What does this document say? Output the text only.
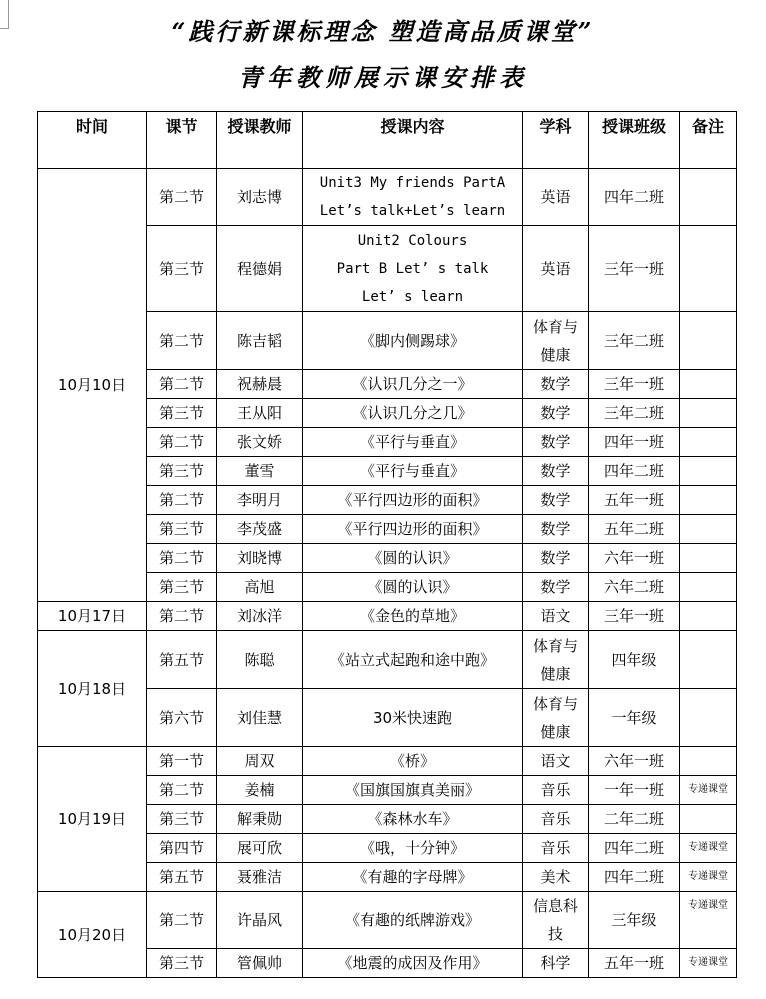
“践行新课标理念 塑造高品质课堂”
青年教师展示课安排表
时间	课节	授课教师	授课内容	学科	授课班级	备注
10月10日	第二节	刘志博	Unit3 My friends PartA
Let’s talk+Let’s learn	英语	四年二班	
	第三节	程德娟	Unit2 Colours
Part B Let’ s talk
Let’ s learn	英语	三年一班	
	第二节	陈吉韬	《脚内侧踢球》	体育与健康	三年二班	
	第二节	祝赫晨	《认识几分之一》	数学	三年一班	
	第三节	王从阳	《认识几分之几》	数学	三年二班	
	第二节	张文娇	《平行与垂直》	数学	四年一班	
	第三节	董雪	《平行与垂直》	数学	四年二班	
	第二节	李明月	《平行四边形的面积》	数学	五年一班	
	第三节	李茂盛	《平行四边形的面积》	数学	五年二班	
	第二节	刘晓博	《圆的认识》	数学	六年一班	
	第三节	高旭	《圆的认识》	数学	六年二班	
10月17日	第二节	刘冰洋	《金色的草地》	语文	三年一班	
10月18日	第五节	陈聪	《站立式起跑和途中跑》	体育与健康	四年级	
	第六节	刘佳慧	30米快速跑	体育与健康	一年级	
10月19日	第一节	周双	《桥》	语文	六年一班	
	第二节	姜楠	《国旗国旗真美丽》	音乐	一年一班	专递课堂
	第三节	解秉勋	《森林水车》	音乐	二年二班	
	第四节	展可欣	《哦，十分钟》	音乐	四年二班	专递课堂
	第五节	聂雅洁	《有趣的字母牌》	美术	四年二班	专递课堂
10月20日	第二节	许晶风	《有趣的纸牌游戏》	信息科技	三年级	专递课堂
	第三节	管佩帅	《地震的成因及作用》	科学	五年一班	专递课堂
